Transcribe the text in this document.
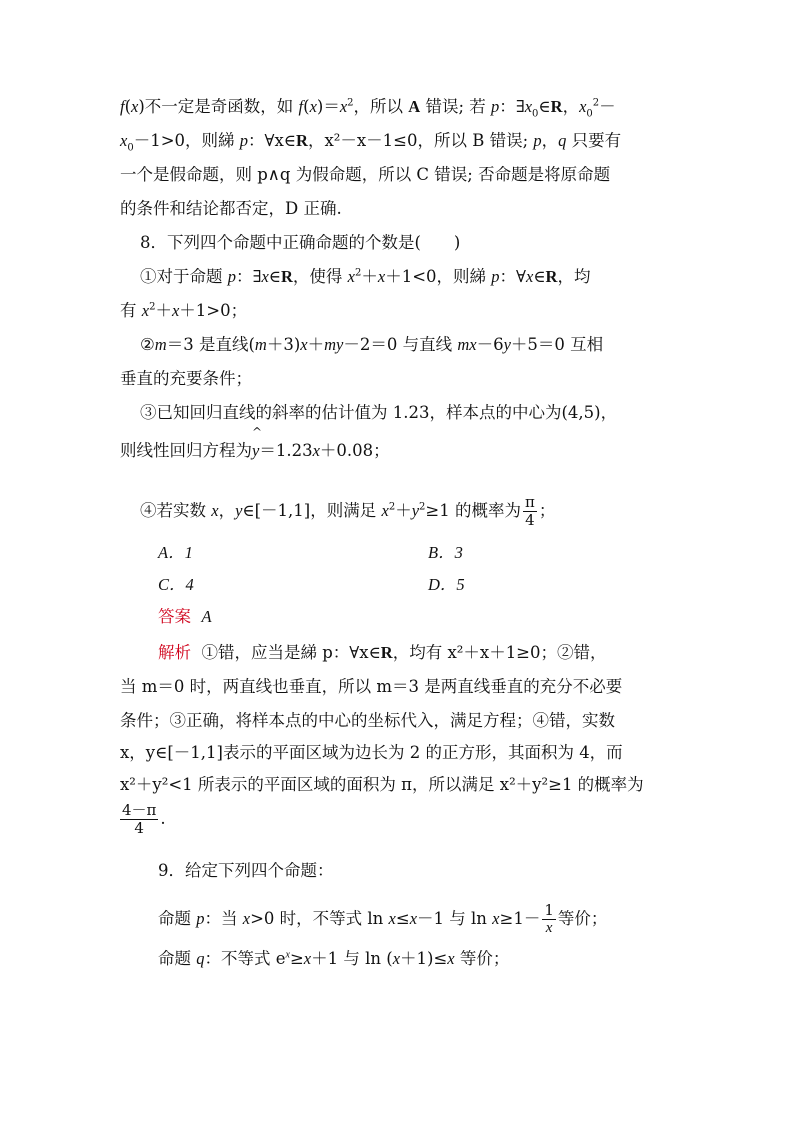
f(x)不一定是奇函数，如 $f(x)=x^2$，所以 A 错误; 若 p：$\exists x_0\in R$，$x_0^2-$
$x_0-1>0$，则綈 p：∀x∈R，x²－x－1≤0，所以 B 错误; p，q 只要有
一个是假命题，则 p∧q 为假命题，所以 C 错误; 否命题是将原命题
的条件和结论都否定，D 正确.
8．下列四个命题中正确命题的个数是(　　)
①对于命题 p：∃x∈R，使得 $x^2+x+1<0$，则綈 p：∀x∈R，均
有 $x^2+x+1>0$；
②m＝3 是直线(m＋3)x＋my－2＝0 与直线 mx－6y＋5＝0 互相
垂直的充要条件；
③已知回归直线的斜率的估计值为 1.23，样本点的中心为(4,5)，
则线性回归方程为
^
y＝1.23x＋0.08；
④若实数 x，y∈[－1,1]，则满足 $x^2+y^2\ge 1$ 的概率为 $\frac{\pi}{4}$ ；
A．1	B．3
C．4	D．5
答案 A
解析 ①错，应当是綈 p：∀x∈R，均有 x²＋x＋1≥0；②错，
当 m＝0 时，两直线也垂直，所以 m＝3 是两直线垂直的充分不必要
条件；③正确，将样本点的中心的坐标代入，满足方程；④错，实数
x，y∈[－1,1]表示的平面区域为边长为 2 的正方形，其面积为 4，而
x²＋y²<1 所表示的平面区域的面积为 π，所以满足 x²＋y²≥1 的概率为
$\frac{4-\pi}{4}$ .
9．给定下列四个命题：
命题 p：当 x>0 时，不等式 ln x≤x－1 与 $\ln x\ge 1- \frac{1}{x}$ 等价；
命题 q：不等式 $e^x\ge x+1$ 与 ln (x＋1)≤x 等价；
